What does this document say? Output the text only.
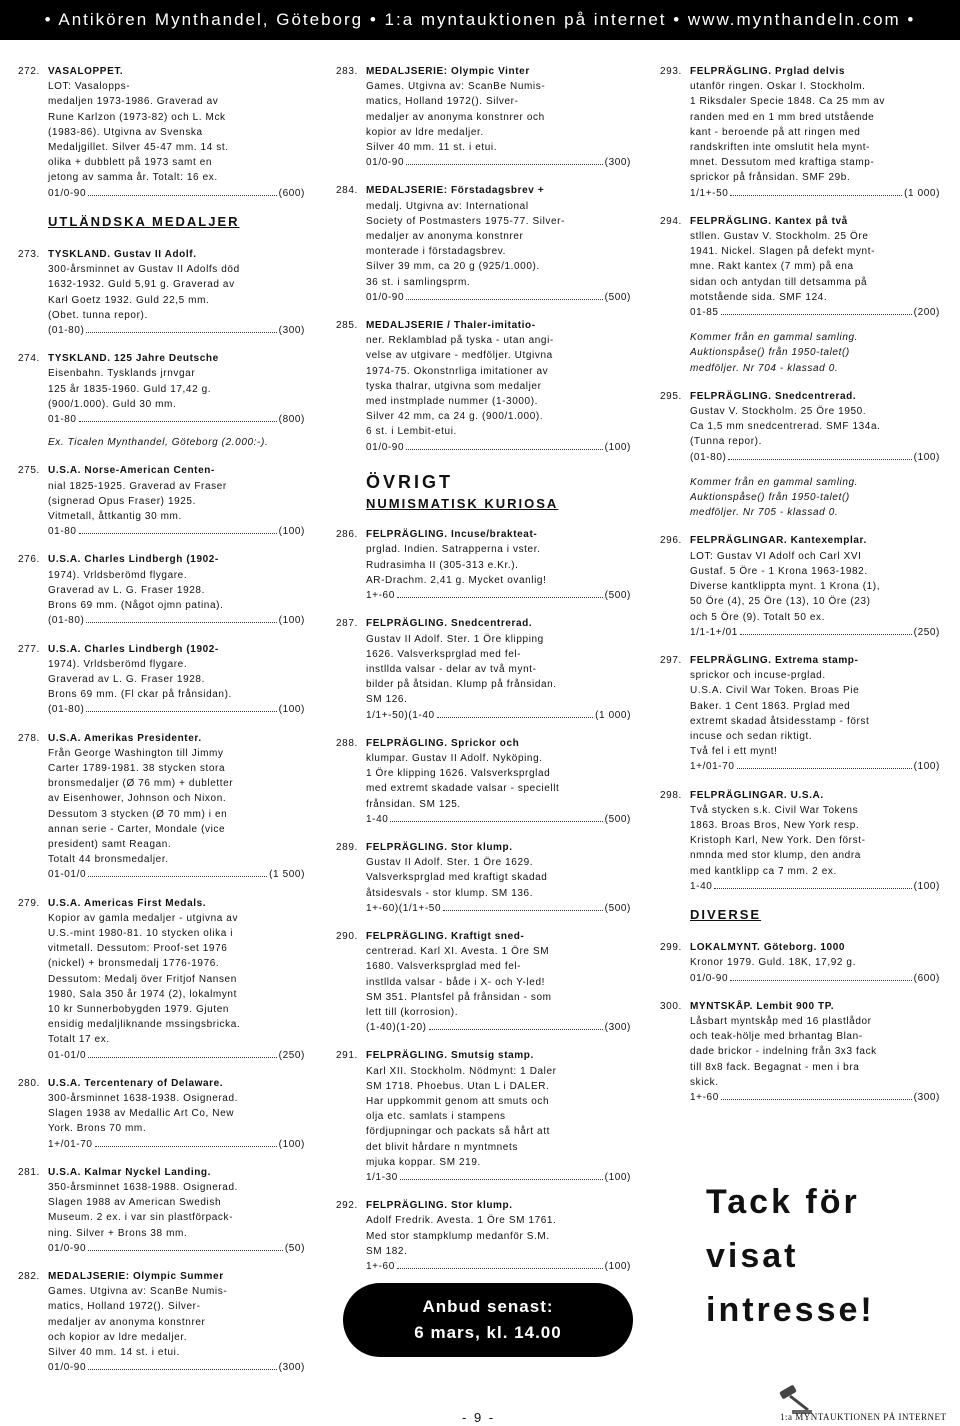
• Antikören Mynthandel, Göteborg • 1:a myntauktionen på internet • www.mynthandeln.com •
272. VASALOPPET.
LOT: Vasalopps-
medaljen 1973-1986. Graverad av
Rune Karlzon (1973-82) och L. Mck
(1983-86). Utgivna av Svenska
Medaljgillet. Silver 45-47 mm. 14 st.
olika + dubblett på 1973 samt en
jetong av samma år. Totalt: 16 ex.
01/0-90	(600)
UTLÄNDSKA MEDALJER
273. TYSKLAND. Gustav II Adolf.
300-årsminnet av Gustav II Adolfs död
1632-1932. Guld 5,91 g. Graverad av
Karl Goetz 1932. Guld 22,5 mm.
(Obet. tunna repor).
(01-80)	(300)
274. TYSKLAND. 125 Jahre Deutsche
Eisenbahn. Tysklands jrnvgar
125 år 1835-1960. Guld 17,42 g.
(900/1.000). Guld 30 mm.
01-80	(800)
Ex. Ticalen Mynthandel, Göteborg (2.000:-).
275. U.S.A. Norse-American Centen-
nial 1825-1925. Graverad av Fraser
(signerad Opus Fraser) 1925.
Vitmetall, åttkantig 30 mm.
01-80	(100)
276. U.S.A. Charles Lindbergh (1902-
1974). Vrldsberömd flygare.
Graverad av L. G. Fraser 1928.
Brons 69 mm. (Något ojmn patina).
(01-80)	(100)
277. U.S.A. Charles Lindbergh (1902-
1974). Vrldsberömd flygare.
Graverad av L. G. Fraser 1928.
Brons 69 mm. (Fl ckar på frånsidan).
(01-80)	(100)
278. U.S.A. Amerikas Presidenter.
Från George Washington till Jimmy
Carter 1789-1981. 38 stycken stora
bronsmedaljer (Ø 76 mm) + dubletter
av Eisenhower, Johnson och Nixon.
Dessutom 3 stycken (Ø 70 mm) i en
annan serie - Carter, Mondale (vice
president) samt Reagan.
Totalt 44 bronsmedaljer.
01-01/0	(1 500)
279. U.S.A. Americas First Medals.
Kopior av gamla medaljer - utgivna av
U.S.-mint 1980-81. 10 stycken olika i
vitmetall. Dessutom: Proof-set 1976
(nickel) + bronsmedalj 1776-1976.
Dessutom: Medalj över Fritjof Nansen
1980, Sala 350 år 1974 (2), lokalmynt
10 kr Sunnerbobygden 1979. Gjuten
ensidig medaljliknande mssingsbricka.
Totalt 17 ex.
01-01/0	(250)
280. U.S.A. Tercentenary of Delaware.
300-årsminnet 1638-1938. Osignerad.
Slagen 1938 av Medallic Art Co, New
York. Brons 70 mm.
1+/01-70	(100)
281. U.S.A. Kalmar Nyckel Landing.
350-årsminnet 1638-1988. Osignerad.
Slagen 1988 av American Swedish
Museum. 2 ex. i var sin plastförpack-
ning. Silver + Brons 38 mm.
01/0-90	(50)
282. MEDALJSERIE: Olympic Summer
Games. Utgivna av: ScanBe Numis-
matics, Holland 1972(). Silver-
medaljer av anonyma konstnrer
och kopior av ldre medaljer.
Silver 40 mm. 14 st. i etui.
01/0-90	(300)
283. MEDALJSERIE: Olympic Vinter
Games. Utgivna av: ScanBe Numis-
matics, Holland 1972(). Silver-
medaljer av anonyma konstnrer och
kopior av ldre medaljer.
Silver 40 mm. 11 st. i etui.
01/0-90	(300)
284. MEDALJSERIE: Förstadagsbrev +
medalj. Utgivna av: International
Society of Postmasters 1975-77. Silver-
medaljer av anonyma konstnrer
monterade i förstadagsbrev.
Silver 39 mm, ca 20 g (925/1.000).
36 st. i samlingsprm.
01/0-90	(500)
285. MEDALJSERIE / Thaler-imitatio-
ner. Reklamblad på tyska - utan angi-
velse av utgivare - medföljer. Utgivna
1974-75. Okonstnrliga imitationer av
tyska thalrar, utgivna som medaljer
med instmplade nummer (1-3000).
Silver 42 mm, ca 24 g. (900/1.000).
6 st. i Lembit-etui.
01/0-90	(100)
ÖVRIGT
NUMISMATISK KURIOSA
286. FELPRÄGLING. Incuse/brakteat-
prglad. Indien. Satrapperna i vster.
Rudrasimha II (305-313 e.Kr.).
AR-Drachm. 2,41 g. Mycket ovanlig!
1+-60	(500)
287. FELPRÄGLING. Snedcentrerad.
Gustav II Adolf. Ster. 1 Öre klipping
1626. Valsverksprglad med fel-
instllda valsar - delar av två mynt-
bilder på åtsidan. Klump på frånsidan.
SM 126.
1/1+-50)(1-40	(1 000)
288. FELPRÄGLING. Sprickor och
klumpar. Gustav II Adolf. Nyköping.
1 Öre klipping 1626. Valsverksprglad
med extremt skadade valsar - speciellt
frånsidan. SM 125.
1-40	(500)
289. FELPRÄGLING. Stor klump.
Gustav II Adolf. Ster. 1 Öre 1629.
Valsverksprglad med kraftigt skadad
åtsidesvals - stor klump. SM 136.
1+-60)(1/1+-50	(500)
290. FELPRÄGLING. Kraftigt sned-
centrerad. Karl XI. Avesta. 1 Öre SM
1680. Valsverksprglad med fel-
instllda valsar - både i X- och Y-led!
SM 351. Plantsfel på frånsidan - som
lett till (korrosion).
(1-40)(1-20)	(300)
291. FELPRÄGLING. Smutsig stamp.
Karl XII. Stockholm. Nödmynt: 1 Daler
SM 1718. Phoebus. Utan L i DALER.
Har uppkommit genom att smuts och
olja etc. samlats i stampens
fördjupningar och packats så hårt att
det blivit hårdare n myntmnets
mjuka koppar. SM 219.
1/1-30	(100)
292. FELPRÄGLING. Stor klump.
Adolf Fredrik. Avesta. 1 Öre SM 1761.
Med stor stampklump medanför S.M.
SM 182.
1+-60	(100)
293. FELPRÄGLING. Prglad delvis
utanför ringen. Oskar I. Stockholm.
1 Riksdaler Specie 1848. Ca 25 mm av
randen med en 1 mm bred utstående
kant - beroende på att ringen med
randskriften inte omslutit hela mynt-
mnet. Dessutom med kraftiga stamp-
sprickor på frånsidan. SMF 29b.
1/1+-50	(1 000)
294. FELPRÄGLING. Kantex på två
stllen. Gustav V. Stockholm. 25 Öre
1941. Nickel. Slagen på defekt mynt-
mne. Rakt kantex (7 mm) på ena
sidan och antydan till detsamma på
motstående sida. SMF 124.
01-85	(200)
Kommer från en gammal samling.
Auktionspåse() från 1950-talet()
medföljer. Nr 704 - klassad 0.
295. FELPRÄGLING. Snedcentrerad.
Gustav V. Stockholm. 25 Öre 1950.
Ca 1,5 mm snedcentrerad. SMF 134a.
(Tunna repor).
(01-80)	(100)
Kommer från en gammal samling.
Auktionspåse() från 1950-talet()
medföljer. Nr 705 - klassad 0.
296. FELPRÄGLINGAR. Kantexemplar.
LOT: Gustav VI Adolf och Carl XVI
Gustaf. 5 Öre - 1 Krona 1963-1982.
Diverse kantklippta mynt. 1 Krona (1),
50 Öre (4), 25 Öre (13), 10 Öre (23)
och 5 Öre (9). Totalt 50 ex.
1/1-1+/01	(250)
297. FELPRÄGLING. Extrema stamp-
sprickor och incuse-prglad.
U.S.A. Civil War Token. Broas Pie
Baker. 1 Cent 1863. Prglad med
extremt skadad åtsidesstamp - först
incuse och sedan riktigt.
Två fel i ett mynt!
1+/01-70	(100)
298. FELPRÄGLINGAR. U.S.A.
Två stycken s.k. Civil War Tokens
1863. Broas Bros, New York resp.
Kristoph Karl, New York. Den först-
nmnda med stor klump, den andra
med kantklipp ca 7 mm. 2 ex.
1-40	(100)
DIVERSE
299. LOKALMYNT. Göteborg. 1000
Kronor 1979. Guld. 18K, 17,92 g.
01/0-90	(600)
300. MYNTSKÅP. Lembit 900 TP.
Låsbart myntskåp med 16 plastlådor
och teak-hölje med brhantag Blan-
dade brickor - indelning från 3x3 fack
till 8x8 fack. Begagnat - men i bra
skick.
1+-60	(300)
Anbud senast:
6 mars, kl. 14.00
Tack för
visat
intresse!
- 9 -	1:a MYNTAUKTIONEN PÅ INTERNET
